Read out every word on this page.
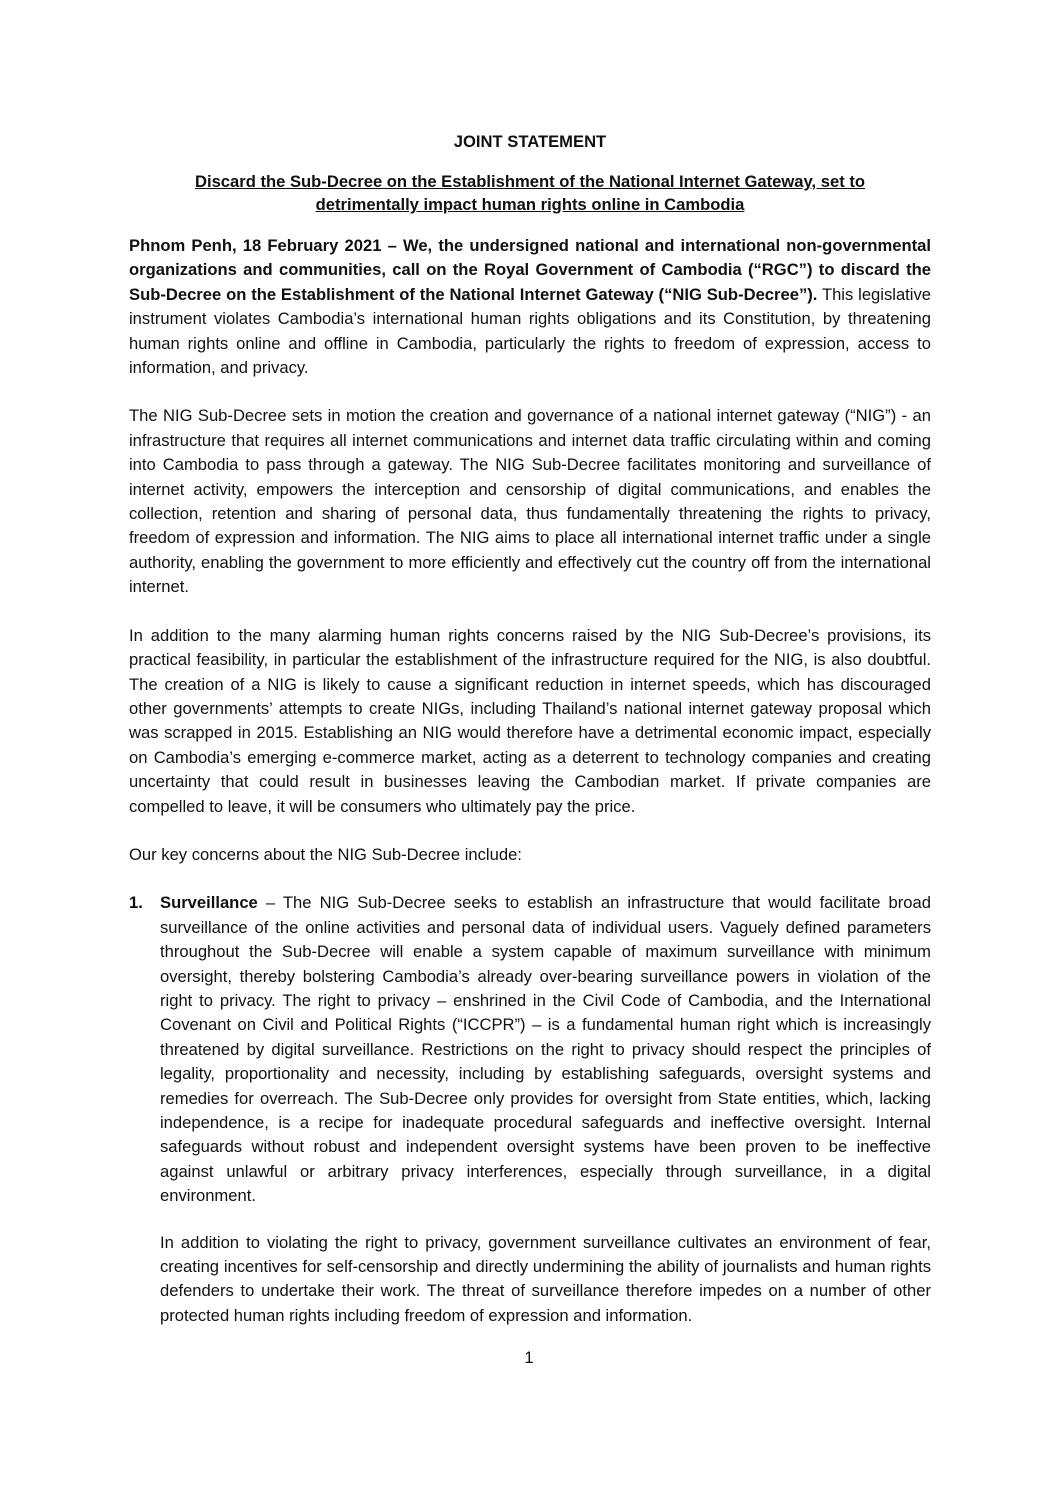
JOINT STATEMENT
Discard the Sub-Decree on the Establishment of the National Internet Gateway, set to detrimentally impact human rights online in Cambodia

Phnom Penh, 18 February 2021 – We, the undersigned national and international non-governmental organizations and communities, call on the Royal Government of Cambodia (“RGC”) to discard the Sub-Decree on the Establishment of the National Internet Gateway (“NIG Sub-Decree”). This legislative instrument violates Cambodia’s international human rights obligations and its Constitution, by threatening human rights online and offline in Cambodia, particularly the rights to freedom of expression, access to information, and privacy.

The NIG Sub-Decree sets in motion the creation and governance of a national internet gateway (“NIG”) - an infrastructure that requires all internet communications and internet data traffic circulating within and coming into Cambodia to pass through a gateway. The NIG Sub-Decree facilitates monitoring and surveillance of internet activity, empowers the interception and censorship of digital communications, and enables the collection, retention and sharing of personal data, thus fundamentally threatening the rights to privacy, freedom of expression and information. The NIG aims to place all international internet traffic under a single authority, enabling the government to more efficiently and effectively cut the country off from the international internet.

In addition to the many alarming human rights concerns raised by the NIG Sub-Decree’s provisions, its practical feasibility, in particular the establishment of the infrastructure required for the NIG, is also doubtful. The creation of a NIG is likely to cause a significant reduction in internet speeds, which has discouraged other governments’ attempts to create NIGs, including Thailand’s national internet gateway proposal which was scrapped in 2015. Establishing an NIG would therefore have a detrimental economic impact, especially on Cambodia’s emerging e-commerce market, acting as a deterrent to technology companies and creating uncertainty that could result in businesses leaving the Cambodian market. If private companies are compelled to leave, it will be consumers who ultimately pay the price.

Our key concerns about the NIG Sub-Decree include:

1. Surveillance – The NIG Sub-Decree seeks to establish an infrastructure that would facilitate broad surveillance of the online activities and personal data of individual users. Vaguely defined parameters throughout the Sub-Decree will enable a system capable of maximum surveillance with minimum oversight, thereby bolstering Cambodia’s already over-bearing surveillance powers in violation of the right to privacy. The right to privacy – enshrined in the Civil Code of Cambodia, and the International Covenant on Civil and Political Rights (“ICCPR”) – is a fundamental human right which is increasingly threatened by digital surveillance. Restrictions on the right to privacy should respect the principles of legality, proportionality and necessity, including by establishing safeguards, oversight systems and remedies for overreach. The Sub-Decree only provides for oversight from State entities, which, lacking independence, is a recipe for inadequate procedural safeguards and ineffective oversight. Internal safeguards without robust and independent oversight systems have been proven to be ineffective against unlawful or arbitrary privacy interferences, especially through surveillance, in a digital environment.

In addition to violating the right to privacy, government surveillance cultivates an environment of fear, creating incentives for self-censorship and directly undermining the ability of journalists and human rights defenders to undertake their work. The threat of surveillance therefore impedes on a number of other protected human rights including freedom of expression and information.

1
